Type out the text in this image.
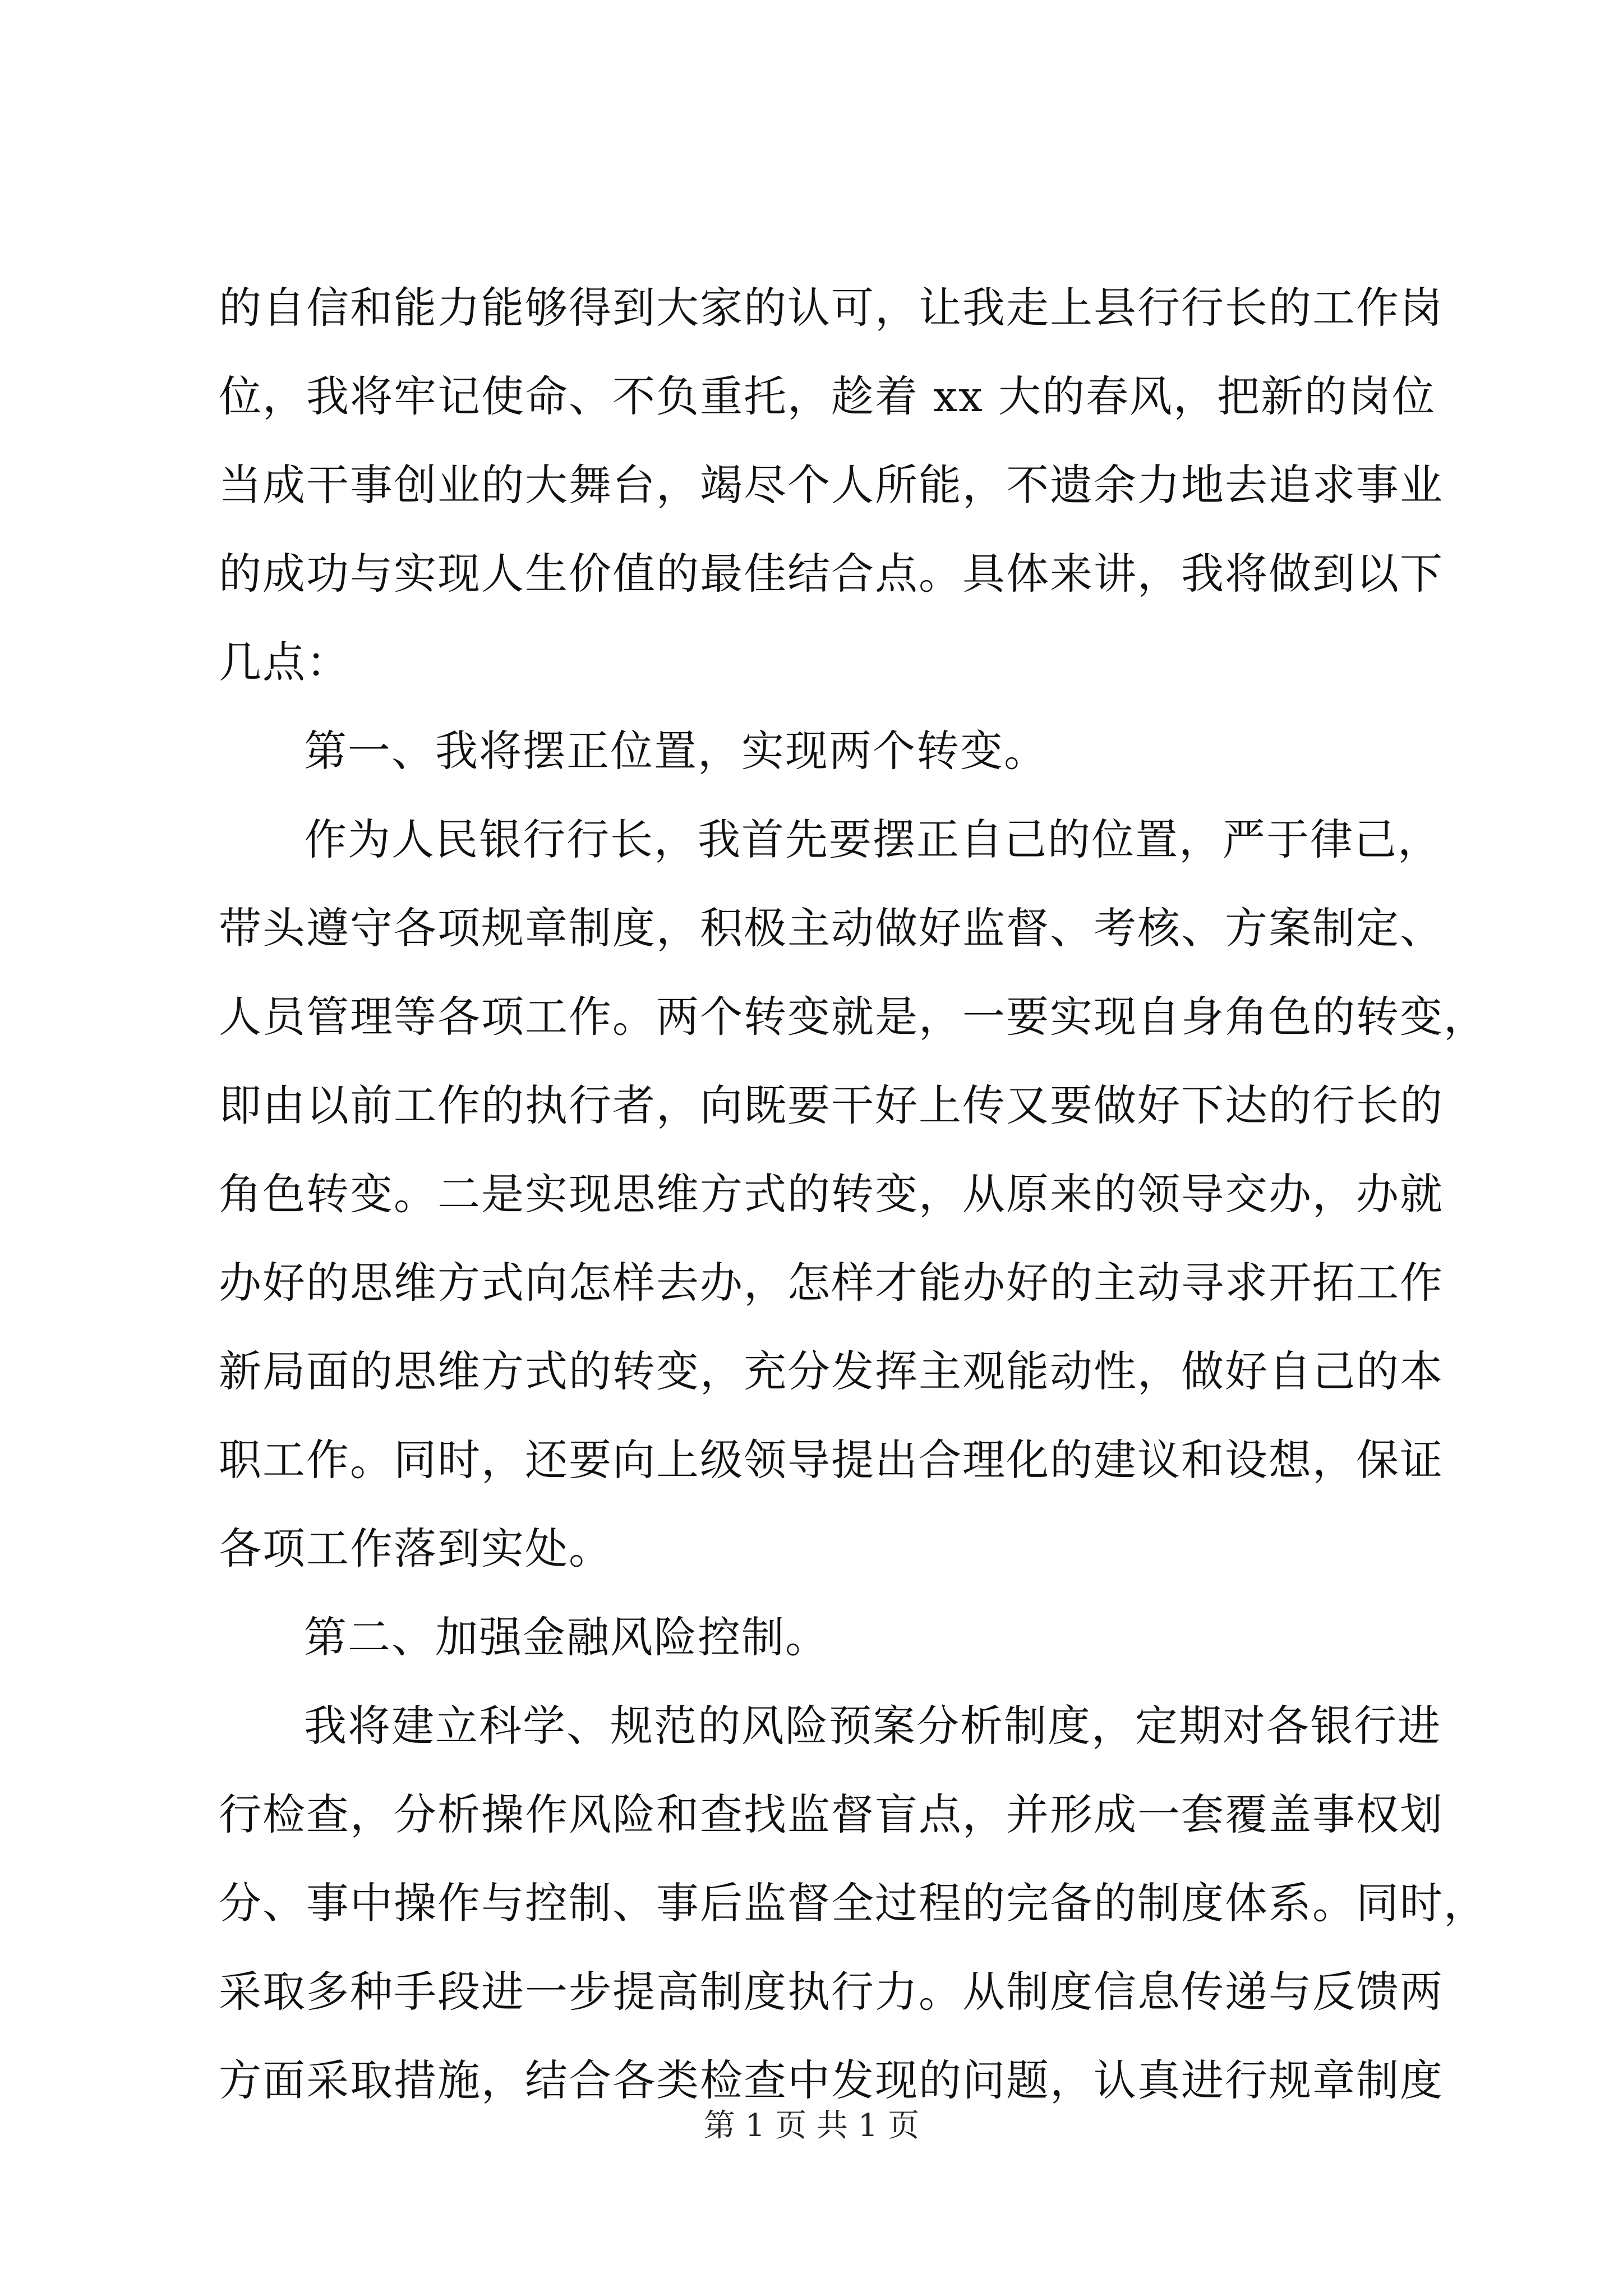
的自信和能力能够得到大家的认可，让我走上县行行长的工作岗
位，我将牢记使命、不负重托，趁着 xx 大的春风，把新的岗位
当成干事创业的大舞台，竭尽个人所能，不遗余力地去追求事业
的成功与实现人生价值的最佳结合点。具体来讲，我将做到以下
几点：
第一、我将摆正位置，实现两个转变。
作为人民银行行长，我首先要摆正自己的位置，严于律己，
带头遵守各项规章制度，积极主动做好监督、考核、方案制定、
人员管理等各项工作。两个转变就是，一要实现自身角色的转变，
即由以前工作的执行者，向既要干好上传又要做好下达的行长的
角色转变。二是实现思维方式的转变，从原来的领导交办，办就
办好的思维方式向怎样去办，怎样才能办好的主动寻求开拓工作
新局面的思维方式的转变，充分发挥主观能动性，做好自己的本
职工作。同时，还要向上级领导提出合理化的建议和设想，保证
各项工作落到实处。
第二、加强金融风险控制。
我将建立科学、规范的风险预案分析制度，定期对各银行进
行检查，分析操作风险和查找监督盲点，并形成一套覆盖事权划
分、事中操作与控制、事后监督全过程的完备的制度体系。同时，
采取多种手段进一步提高制度执行力。从制度信息传递与反馈两
方面采取措施，结合各类检查中发现的问题，认真进行规章制度
第 1 页 共 1 页
